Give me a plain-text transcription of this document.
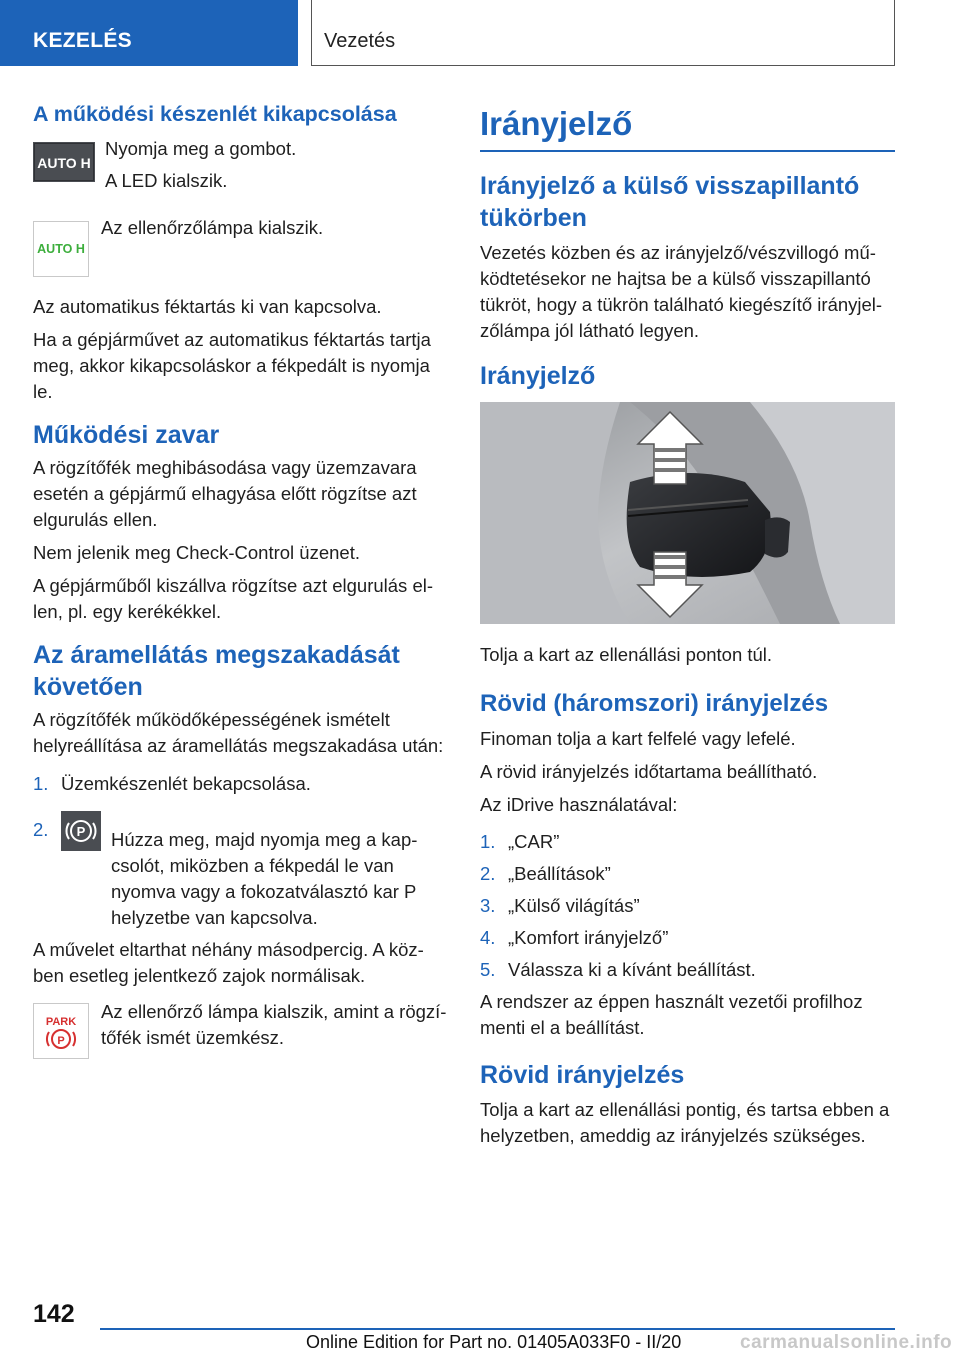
KEZELÉS	Vezetés
A működési készenlét kikapcsolása
AUTO H

Nyomja meg a gombot.

A LED kialszik.

AUTO H

Az ellenőrzőlámpa kialszik.

Az automatikus féktartás ki van kapcsolva.

Ha a gépjárművet az automatikus féktartás tartja meg, akkor kikapcsoláskor a fékpedált is nyomja le.

Működési zavar

A rögzítőfék meghibásodása vagy üzemzavara esetén a gépjármű elhagyása előtt rögzítse azt elgurulás ellen.

Nem jelenik meg Check-Control üzenet.

A gépjárműből kiszállva rögzítse azt elgurulás el-len, pl. egy kerékékkel.

Az áramellátás megszakadását követően

A rögzítőfék működőképességének ismételt helyreállítása az áramellátás megszakadása után:

1. Üzemkészenlét bekapcsolása.
2.	P Húzza meg, majd nyomja meg a kap-csolót, miközben a fékpedál le van nyomva vagy a fokozatválasztó kar P helyzetbe van kapcsolva.

A művelet eltarthat néhány másodpercig. A köz-ben esetleg jelentkező zajok normálisak.

PARK
P

Az ellenőrző lámpa kialszik, amint a rögzí-tőfék ismét üzemkész.

Irányjelző
Irányjelző a külső visszapillantó tükörben

Vezetés közben és az irányjelző/vészvillogó mű-ködtetésekor ne hajtsa be a külső visszapillantó tükröt, hogy a tükrön található kiegészítő irányjel-zőlámpa jól látható legyen.

Irányjelző

Tolja a kart az ellenállási ponton túl.

Rövid (háromszori) irányjelzés

Finoman tolja a kart felfelé vagy lefelé.

A rövid irányjelzés időtartama beállítható.

Az iDrive használatával:

1. „CAR”
2. „Beállítások”
3. „Külső világítás”
4. „Komfort irányjelző”
5. Válassza ki a kívánt beállítást.

A rendszer az éppen használt vezetői profilhoz menti el a beállítást.

Rövid irányjelzés

Tolja a kart az ellenállási pontig, és tartsa ebben a helyzetben, ameddig az irányjelzés szükséges.

142
Online Edition for Part no. 01405A033F0 - II/20	carmanualsonline.info
